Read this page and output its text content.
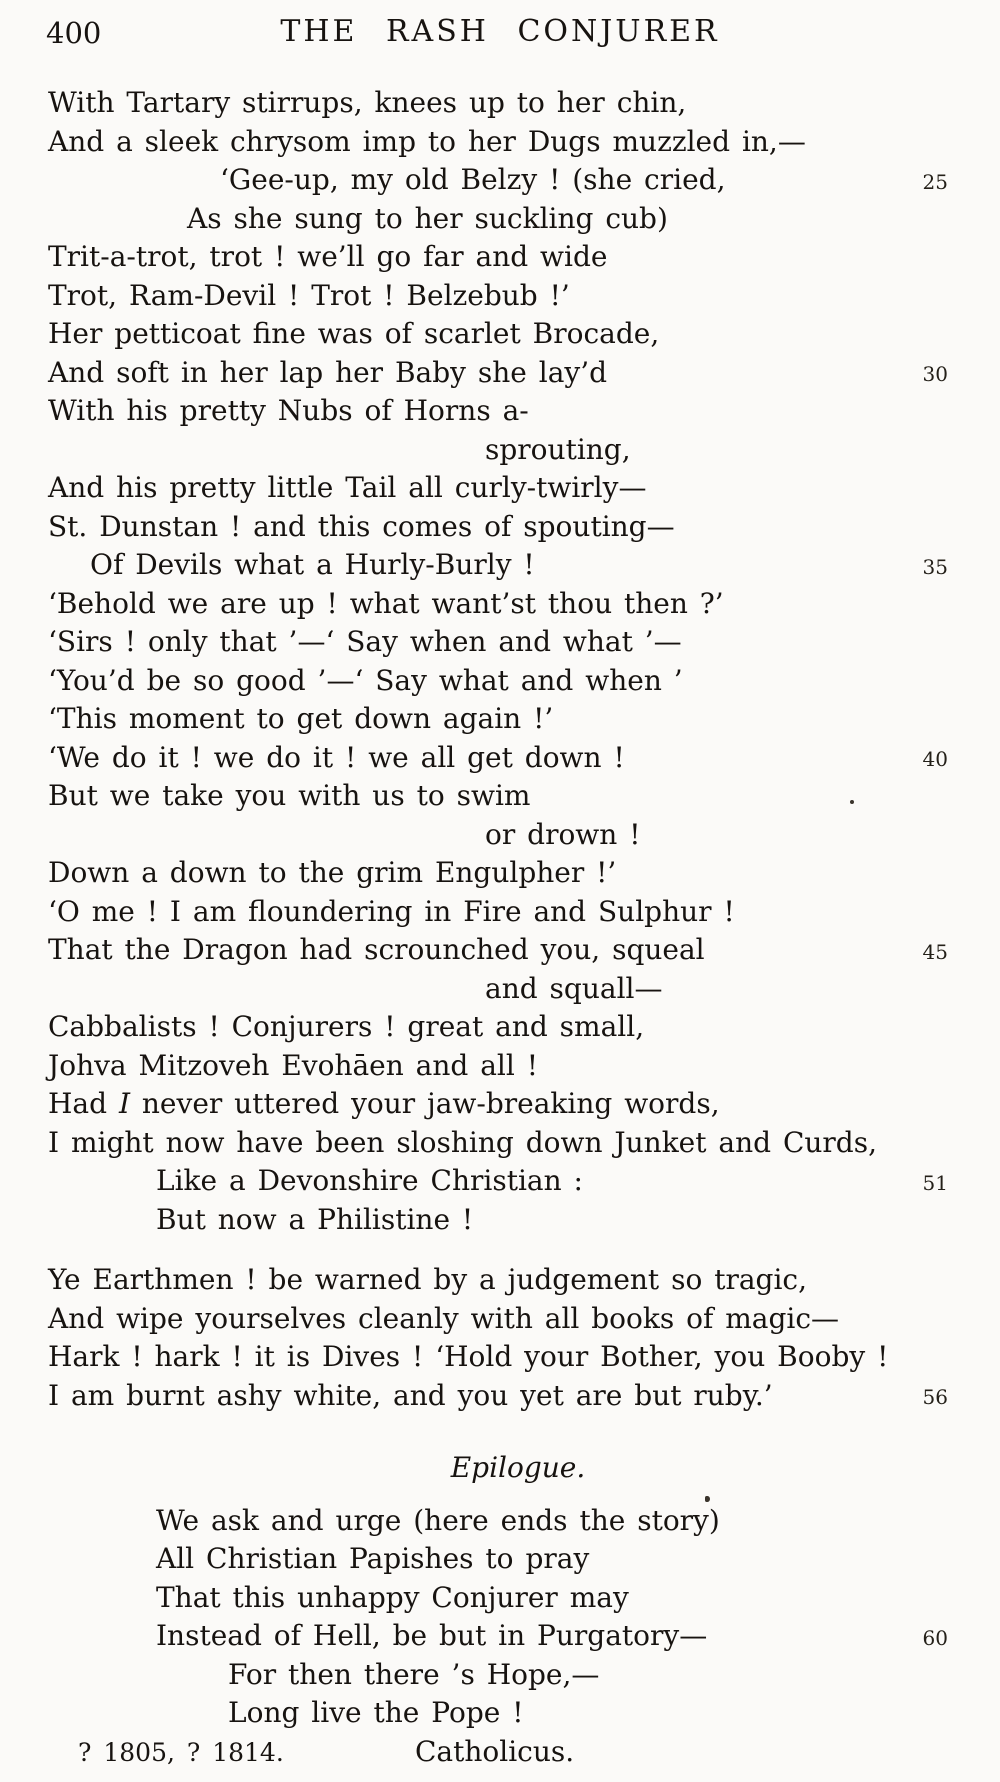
400	THE RASH CONJURER
With Tartary stirrups, knees up to her chin,
And a sleek chrysom imp to her Dugs muzzled in,—
‘Gee-up, my old Belzy ! (she cried,	25
As she sung to her suckling cub)
Trit-a-trot, trot ! we’ll go far and wide
Trot, Ram-Devil ! Trot ! Belzebub !’
Her petticoat fine was of scarlet Brocade,
And soft in her lap her Baby she lay’d	30
With his pretty Nubs of Horns a-
sprouting,
And his pretty little Tail all curly-twirly—
St. Dunstan ! and this comes of spouting—
Of Devils what a Hurly-Burly !	35
‘Behold we are up ! what want’st thou then ?’
‘Sirs ! only that ’—‘ Say when and what ’—
‘You’d be so good ’—‘ Say what and when ’
‘This moment to get down again !’
‘We do it ! we do it ! we all get down !	40
But we take you with us to swim
or drown !
Down a down to the grim Engulpher !’
‘O me ! I am floundering in Fire and Sulphur !
That the Dragon had scrounched you, squeal	45
and squall—
Cabbalists ! Conjurers ! great and small,
Johva Mitzoveh Evohāen and all !
Had I never uttered your jaw-breaking words,
I might now have been sloshing down Junket and Curds,
Like a Devonshire Christian :	51
But now a Philistine !
Ye Earthmen ! be warned by a judgement so tragic,
And wipe yourselves cleanly with all books of magic—
Hark ! hark ! it is Dives ! ‘Hold your Bother, you Booby !
I am burnt ashy white, and you yet are but ruby.’	56
Epilogue.
We ask and urge (here ends the story)
All Christian Papishes to pray
That this unhappy Conjurer may
Instead of Hell, be but in Purgatory—	60
For then there ’s Hope,—
Long live the Pope !
Catholicus.
? 1805, ? 1814.
